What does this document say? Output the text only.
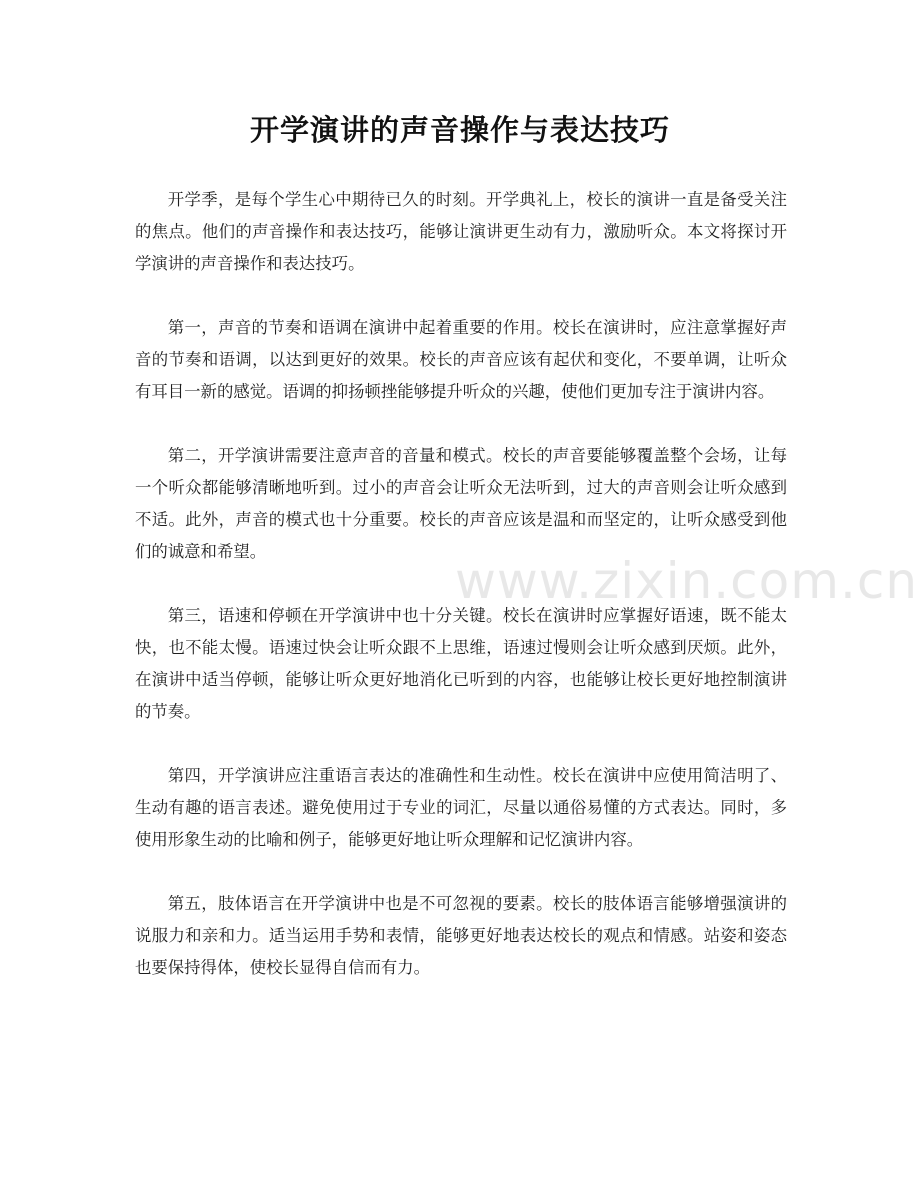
开学演讲的声音操作与表达技巧

开学季，是每个学生心中期待已久的时刻。开学典礼上，校长的演讲一直是备受关注的焦点。他们的声音操作和表达技巧，能够让演讲更生动有力，激励听众。本文将探讨开学演讲的声音操作和表达技巧。

第一，声音的节奏和语调在演讲中起着重要的作用。校长在演讲时，应注意掌握好声音的节奏和语调，以达到更好的效果。校长的声音应该有起伏和变化，不要单调，让听众有耳目一新的感觉。语调的抑扬顿挫能够提升听众的兴趣，使他们更加专注于演讲内容。

第二，开学演讲需要注意声音的音量和模式。校长的声音要能够覆盖整个会场，让每一个听众都能够清晰地听到。过小的声音会让听众无法听到，过大的声音则会让听众感到不适。此外，声音的模式也十分重要。校长的声音应该是温和而坚定的，让听众感受到他们的诚意和希望。

第三，语速和停顿在开学演讲中也十分关键。校长在演讲时应掌握好语速，既不能太快，也不能太慢。语速过快会让听众跟不上思维，语速过慢则会让听众感到厌烦。此外，在演讲中适当停顿，能够让听众更好地消化已听到的内容，也能够让校长更好地控制演讲的节奏。

第四，开学演讲应注重语言表达的准确性和生动性。校长在演讲中应使用简洁明了、生动有趣的语言表述。避免使用过于专业的词汇，尽量以通俗易懂的方式表达。同时，多使用形象生动的比喻和例子，能够更好地让听众理解和记忆演讲内容。

第五，肢体语言在开学演讲中也是不可忽视的要素。校长的肢体语言能够增强演讲的说服力和亲和力。适当运用手势和表情，能够更好地表达校长的观点和情感。站姿和姿态也要保持得体，使校长显得自信而有力。

www.zixin.com.cn
